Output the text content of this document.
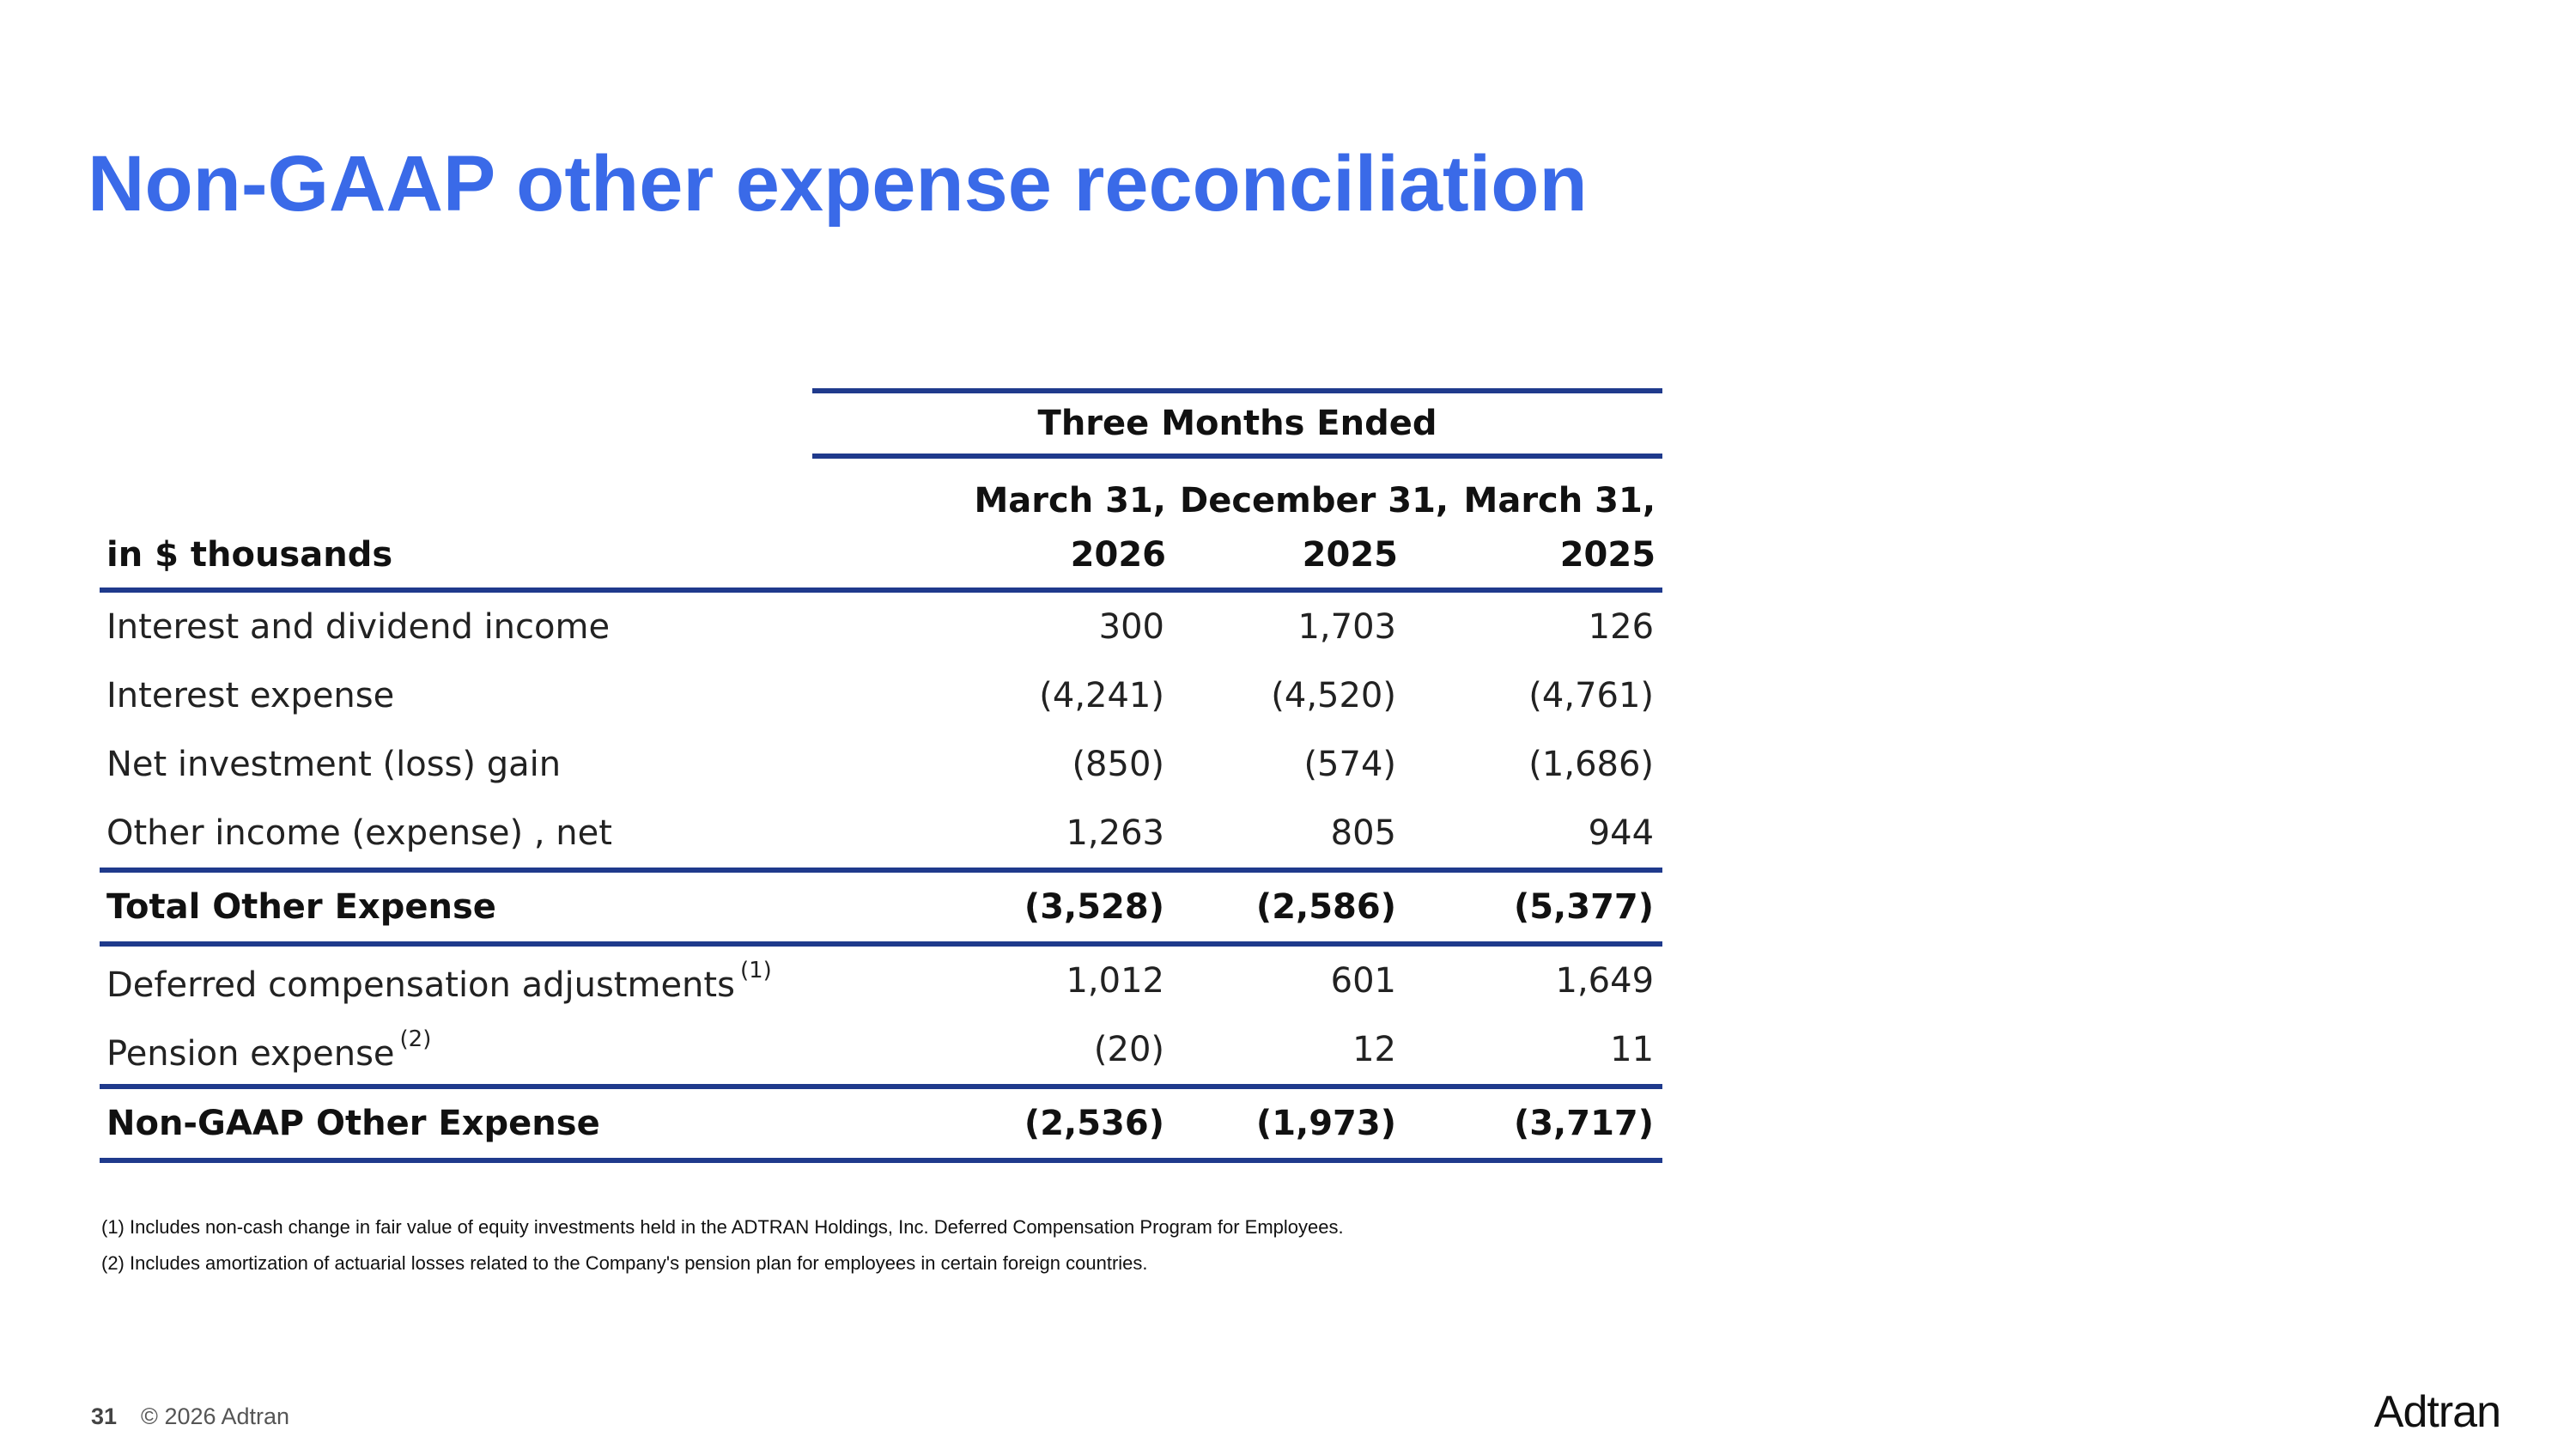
Non-GAAP other expense reconciliation
	Three Months Ended		
	March 31,	December 31,	March 31,
in $ thousands	2026	2025	2025
Interest and dividend income	300	1,703	126
Interest expense	(4,241)	(4,520)	(4,761)
Net investment (loss) gain	(850)	(574)	(1,686)
Other income (expense) , net	1,263	805	944
Total Other Expense	(3,528)	(2,586)	(5,377)
Deferred compensation adjustments $^{(1)}$	1,012	601	1,649
Pension expense $^{(2)}$	(20)	12	11
Non-GAAP Other Expense	(2,536)	(1,973)	(3,717)

(1) Includes non-cash change in fair value of equity investments held in the ADTRAN Holdings, Inc. Deferred Compensation Program for Employees.

(2) Includes amortization of actuarial losses related to the Company's pension plan for employees in certain foreign countries.

31 © 2026 Adtran	Adtran
